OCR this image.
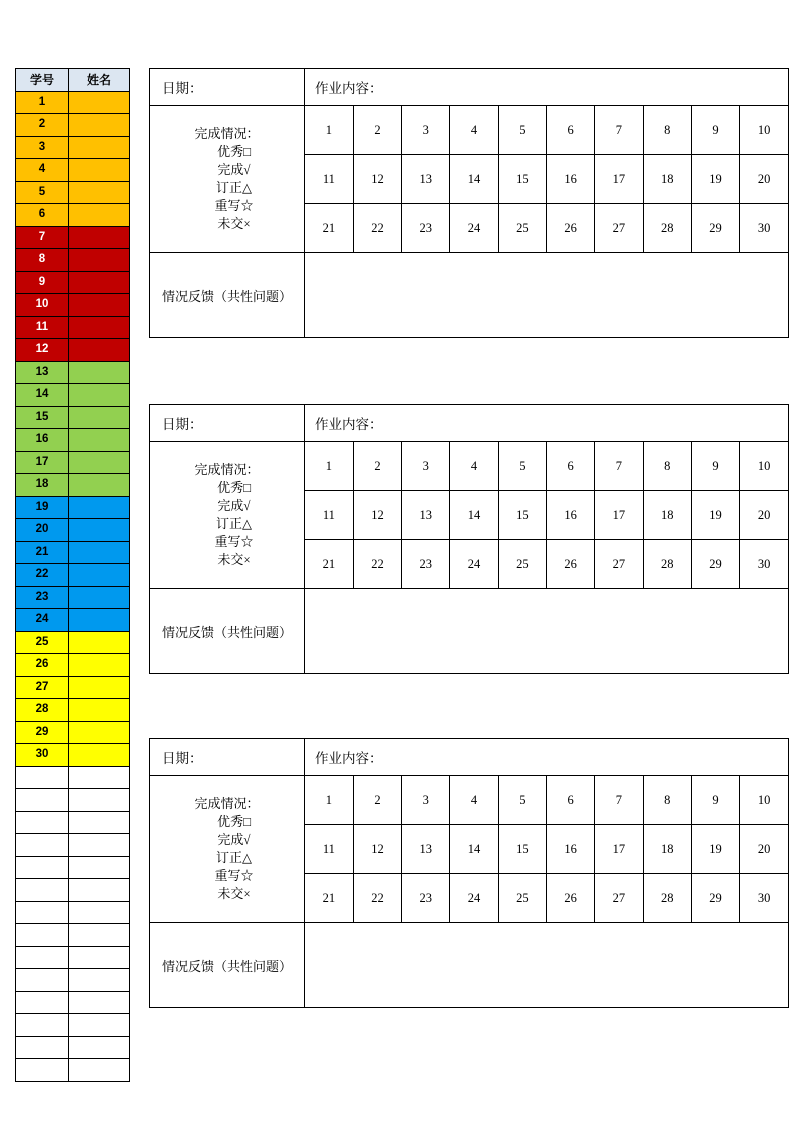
学号	姓名
1	
2	
3	
4	
5	
6	
7	
8	
9	
10	
11	
12	
13	
14	
15	
16	
17	
18	
19	
20	
21	
22	
23	
24	
25	
26	
27	
28	
29	
30	

日期：	作业内容：

完成情况：
优秀□
完成√
订正△
重写☆
未交×

1	2	3	4	5	6	7	8	9	10
11	12	13	14	15	16	17	18	19	20
21	22	23	24	25	26	27	28	29	30

情况反馈（共性问题）	
日期：	作业内容：

完成情况：
优秀□
完成√
订正△
重写☆
未交×

1	2	3	4	5	6	7	8	9	10
11	12	13	14	15	16	17	18	19	20
21	22	23	24	25	26	27	28	29	30

情况反馈（共性问题）	
日期：	作业内容：

完成情况：
优秀□
完成√
订正△
重写☆
未交×

1	2	3	4	5	6	7	8	9	10
11	12	13	14	15	16	17	18	19	20
21	22	23	24	25	26	27	28	29	30

情况反馈（共性问题）	
